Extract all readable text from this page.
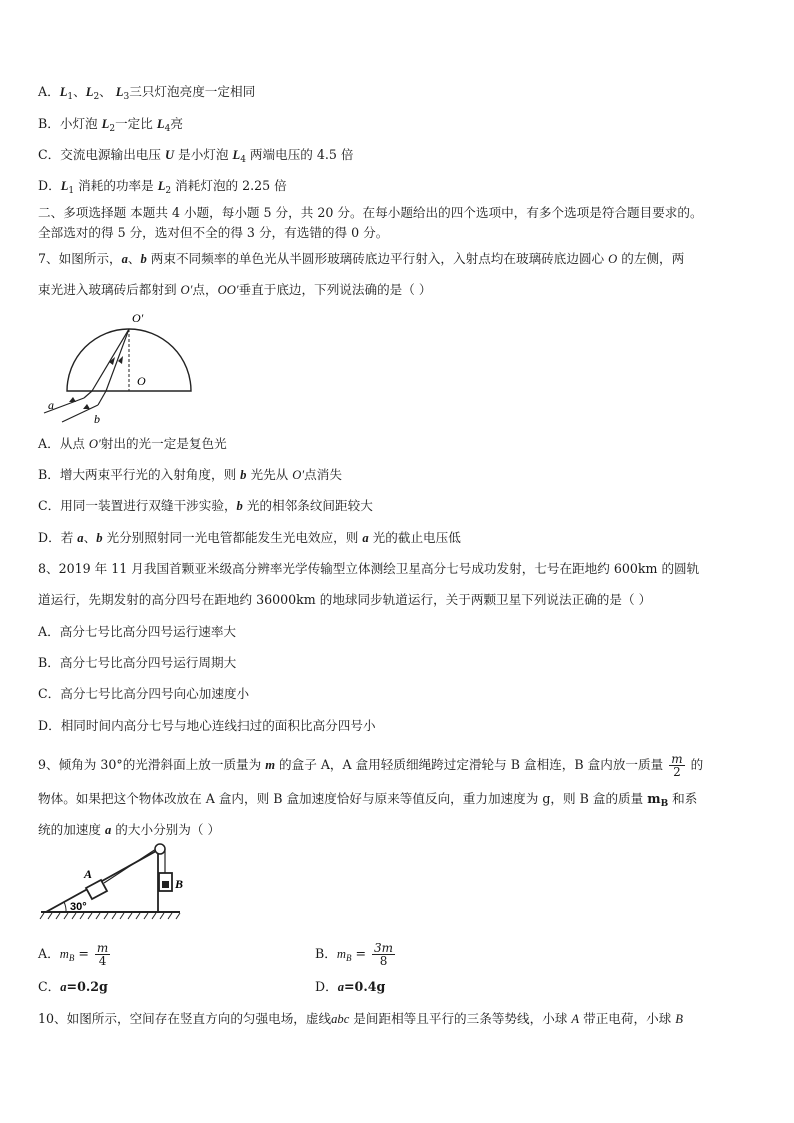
A．$L_1$、$L_2$、 $L_3$三只灯泡亮度一定相同
B．小灯泡 $L_2$一定比 $L_4$亮
C．交流电源输出电压 U 是小灯泡 $L_4$ 两端电压的 4.5 倍
D．$L_1$ 消耗的功率是 $L_2$ 消耗灯泡的 2.25 倍
二、多项选择题 本题共 4 小题，每小题 5 分，共 20 分。在每小题给出的四个选项中，有多个选项是符合题目要求的。
全部选对的得 5 分，选对但不全的得 3 分，有选错的得 0 分。
7、如图所示，a、b 两束不同频率的单色光从半圆形玻璃砖底边平行射入，入射点均在玻璃砖底边圆心 O 的左侧，两
束光进入玻璃砖后都射到 O′点，OO′垂直于底边，下列说法确的是（ ）
O′
O
a
b
A．从点 O′射出的光一定是复色光
B．增大两束平行光的入射角度，则 b 光先从 O′点消失
C．用同一装置进行双缝干涉实验，b 光的相邻条纹间距较大
D．若 a、b 光分别照射同一光电管都能发生光电效应，则 a 光的截止电压低
8、2019 年 11 月我国首颗亚米级高分辨率光学传输型立体测绘卫星高分七号成功发射，七号在距地约 600km 的圆轨
道运行，先期发射的高分四号在距地约 36000km 的地球同步轨道运行，关于两颗卫星下列说法正确的是（ ）
A．高分七号比高分四号运行速率大
B．高分七号比高分四号运行周期大
C．高分七号比高分四号向心加速度小
D．相同时间内高分七号与地心连线扫过的面积比高分四号小
9、倾角为 30°的光滑斜面上放一质量为 m 的盒子 A，A 盒用轻质细绳跨过定滑轮与 B 盒相连，B 盒内放一质量 $\frac{m}{2}$ 的
物体。如果把这个物体改放在 A 盒内，则 B 盒加速度恰好与原来等值反向，重力加速度为 g，则 B 盒的质量 $m_B$ 和系
统的加速度 a 的大小分别为（ ）
30°
A
B
A．$m_B = \frac{m}{4}$	B．$m_B = \frac{3m}{8}$
C．a=0.2g	D．a=0.4g
10、如图所示，空间存在竖直方向的匀强电场，虚线abc 是间距相等且平行的三条等势线，小球 A 带正电荷，小球 B
